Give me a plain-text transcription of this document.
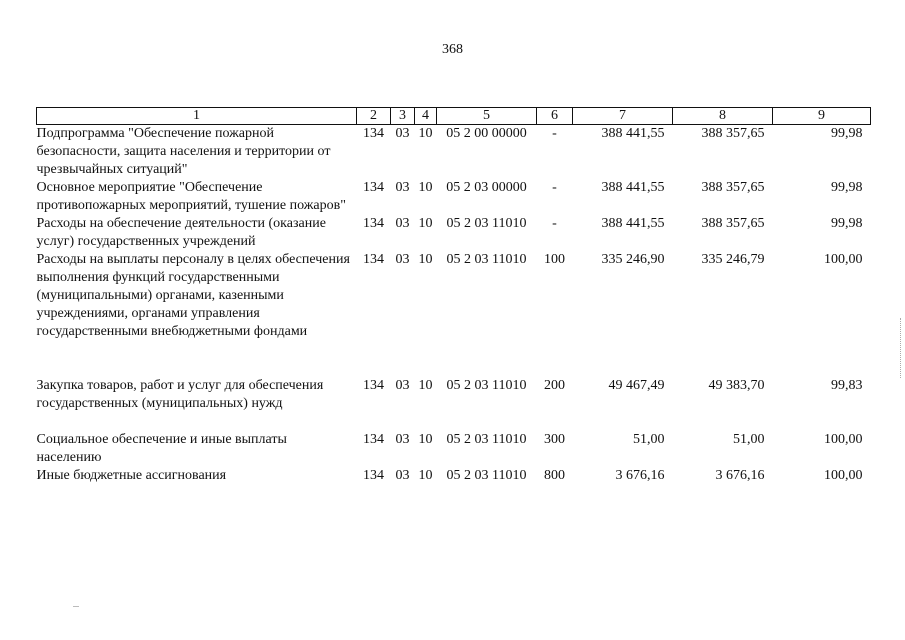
368
1	2	3	4	5	6	7	8	9
Подпрограмма "Обеспечение пожарной безопасности, защита населения и территории от чрезвычайных ситуаций"	134	03	10	05 2 00 00000	-	388 441,55	388 357,65	99,98
Основное мероприятие "Обеспечение противопожарных мероприятий, тушение пожаров"	134	03	10	05 2 03 00000	-	388 441,55	388 357,65	99,98
Расходы на обеспечение деятельности (оказание услуг) государственных учреждений	134	03	10	05 2 03 11010	-	388 441,55	388 357,65	99,98
Расходы на выплаты персоналу в целях обеспечения выполнения функций государственными (муниципальными) органами, казенными учреждениями, органами управления государственными внебюджетными фондами	134	03	10	05 2 03 11010	100	335 246,90	335 246,79	100,00

Закупка товаров, работ и услуг для обеспечения государственных (муниципальных) нужд	134	03	10	05 2 03 11010	200	49 467,49	49 383,70	99,83

Социальное обеспечение и иные выплаты населению	134	03	10	05 2 03 11010	300	51,00	51,00	100,00
Иные бюджетные ассигнования	134	03	10	05 2 03 11010	800	3 676,16	3 676,16	100,00
